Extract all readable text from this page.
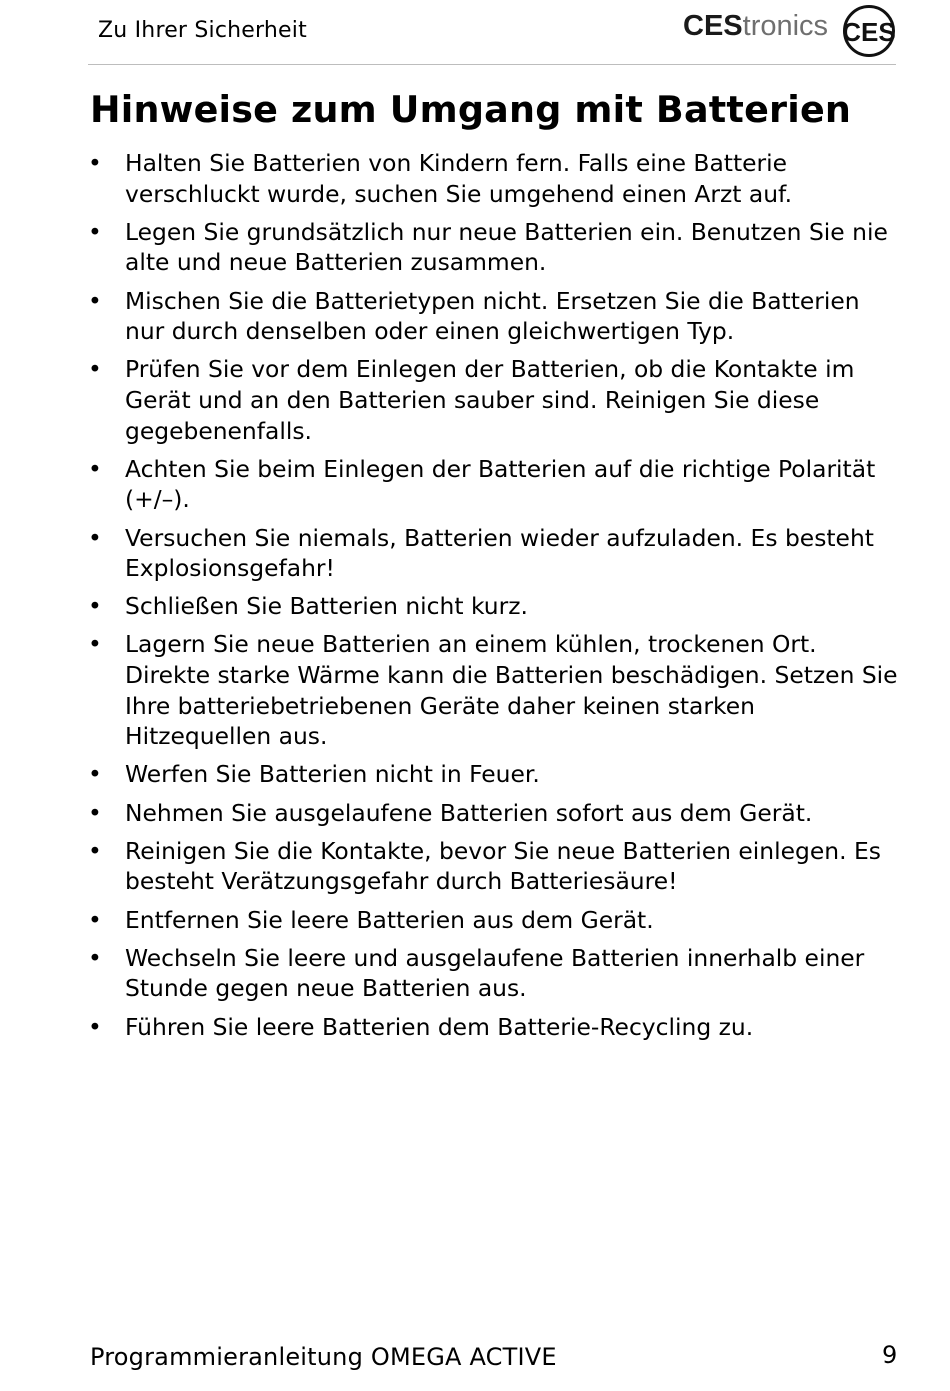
Zu Ihrer Sicherheit	CEStronics CES
Hinweise zum Umgang mit Batterien
• Halten Sie Batterien von Kindern fern. Falls eine Batterie verschluckt wurde, suchen Sie umgehend einen Arzt auf.
• Legen Sie grundsätzlich nur neue Batterien ein. Benutzen Sie nie alte und neue Batterien zusammen.
• Mischen Sie die Batterietypen nicht. Ersetzen Sie die Batterien nur durch denselben oder einen gleichwertigen Typ.
• Prüfen Sie vor dem Einlegen der Batterien, ob die Kontakte im Gerät und an den Batterien sauber sind. Reinigen Sie diese gegebenenfalls.
• Achten Sie beim Einlegen der Batterien auf die richtige Polarität (+/–).
• Versuchen Sie niemals, Batterien wieder aufzuladen. Es besteht Explosionsgefahr!
• Schließen Sie Batterien nicht kurz.
• Lagern Sie neue Batterien an einem kühlen, trockenen Ort. Direkte starke Wärme kann die Batterien beschädigen. Setzen Sie Ihre batteriebetriebenen Geräte daher keinen starken Hitzequellen aus.
• Werfen Sie Batterien nicht in Feuer.
• Nehmen Sie ausgelaufene Batterien sofort aus dem Gerät.
• Reinigen Sie die Kontakte, bevor Sie neue Batterien einlegen. Es besteht Verätzungsgefahr durch Batteriesäure!
• Entfernen Sie leere Batterien aus dem Gerät.
• Wechseln Sie leere und ausgelaufene Batterien innerhalb einer Stunde gegen neue Batterien aus.
• Führen Sie leere Batterien dem Batterie-Recycling zu.
Programmieranleitung OMEGA ACTIVE	9
